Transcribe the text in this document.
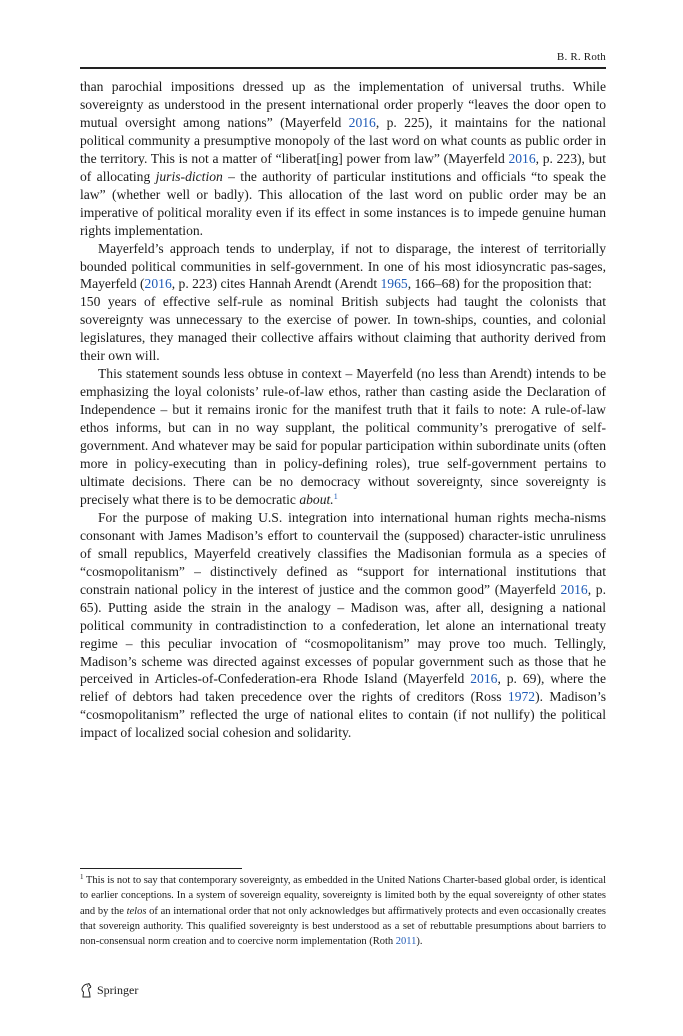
B. R. Roth

than parochial impositions dressed up as the implementation of universal truths. While sovereignty as understood in the present international order properly “leaves the door open to mutual oversight among nations” (Mayerfeld 2016, p. 225), it maintains for the national political community a presumptive monopoly of the last word on what counts as public order in the territory. This is not a matter of “liberat[ing] power from law” (Mayerfeld 2016, p. 223), but of allocating juris-diction – the authority of particular institutions and officials “to speak the law” (whether well or badly). This allocation of the last word on public order may be an imperative of political morality even if its effect in some instances is to impede genuine human rights implementation.

Mayerfeld’s approach tends to underplay, if not to disparage, the interest of territorially bounded political communities in self-government. In one of his most idiosyncratic pas-sages, Mayerfeld (2016, p. 223) cites Hannah Arendt (Arendt 1965, 166–68) for the proposition that:

150 years of effective self-rule as nominal British subjects had taught the colonists that sovereignty was unnecessary to the exercise of power. In town-ships, counties, and colonial legislatures, they managed their collective affairs without claiming that authority derived from their own will.

This statement sounds less obtuse in context – Mayerfeld (no less than Arendt) intends to be emphasizing the loyal colonists’ rule-of-law ethos, rather than casting aside the Declaration of Independence – but it remains ironic for the manifest truth that it fails to note: A rule-of-law ethos informs, but can in no way supplant, the political community’s prerogative of self-government. And whatever may be said for popular participation within subordinate units (often more in policy-executing than in policy-defining roles), true self-government pertains to ultimate decisions. There can be no democracy without sovereignty, since sovereignty is precisely what there is to be democratic about.$^1$

For the purpose of making U.S. integration into international human rights mecha-nisms consonant with James Madison’s effort to countervail the (supposed) character-istic unruliness of small republics, Mayerfeld creatively classifies the Madisonian formula as a species of “cosmopolitanism” – distinctively defined as “support for international institutions that constrain national policy in the interest of justice and the common good” (Mayerfeld 2016, p. 65). Putting aside the strain in the analogy – Madison was, after all, designing a national political community in contradistinction to a confederation, let alone an international treaty regime – this peculiar invocation of “cosmopolitanism” may prove too much. Tellingly, Madison’s scheme was directed against excesses of popular government such as those that he perceived in Articles-of-Confederation-era Rhode Island (Mayerfeld 2016, p. 69), where the relief of debtors had taken precedence over the rights of creditors (Ross 1972). Madison’s “cosmopolitanism” reflected the urge of national elites to contain (if not nullify) the political impact of localized social cohesion and solidarity.

$^1$ This is not to say that contemporary sovereignty, as embedded in the United Nations Charter-based global order, is identical to earlier conceptions. In a system of sovereign equality, sovereignty is limited both by the equal sovereignty of other states and by the telos of an international order that not only acknowledges but affirmatively protects and even occasionally creates that sovereign authority. This qualified sovereignty is best understood as a set of rebuttable presumptions about barriers to non-consensual norm creation and to coercive norm implementation (Roth 2011).
Springer
